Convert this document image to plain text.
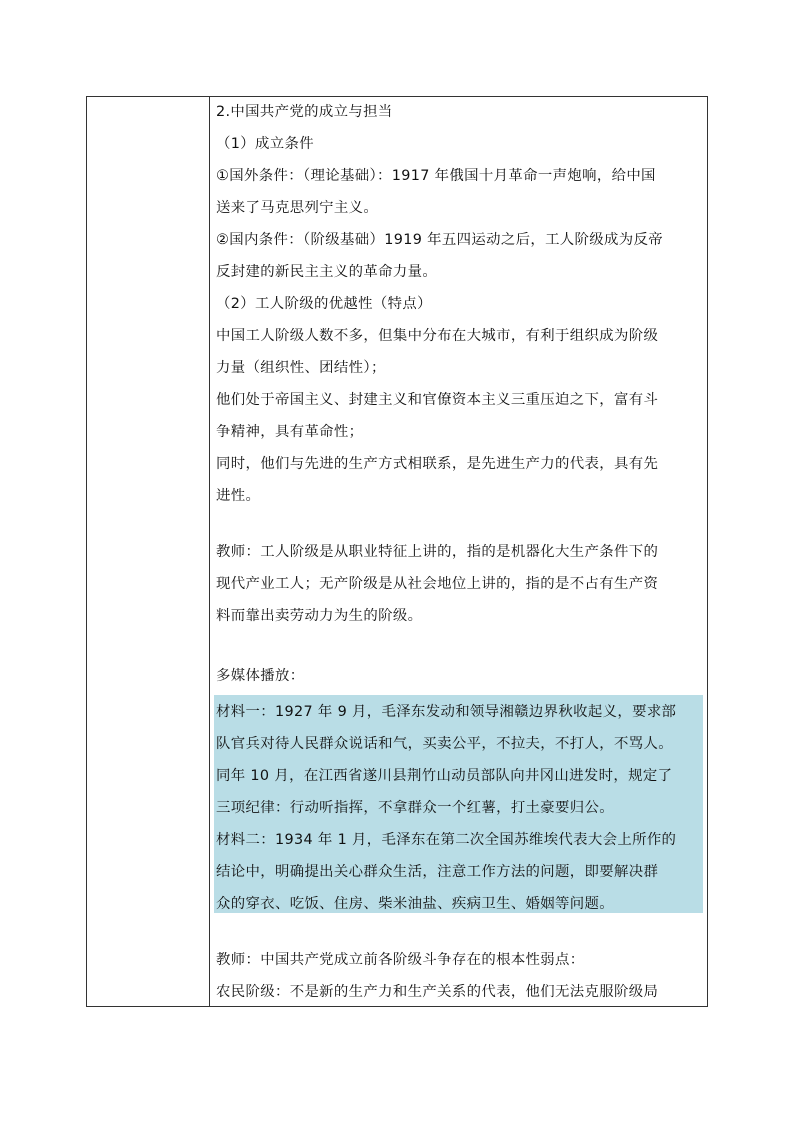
2.中国共产党的成立与担当
（1）成立条件
①国外条件：（理论基础）：1917 年俄国十月革命一声炮响，给中国
送来了马克思列宁主义。
②国内条件：（阶级基础）1919 年五四运动之后，工人阶级成为反帝
反封建的新民主主义的革命力量。
（2）工人阶级的优越性（特点）
中国工人阶级人数不多，但集中分布在大城市，有利于组织成为阶级
力量（组织性、团结性）；
他们处于帝国主义、封建主义和官僚资本主义三重压迫之下，富有斗
争精神，具有革命性；
同时，他们与先进的生产方式相联系，是先进生产力的代表，具有先
进性。
教师：工人阶级是从职业特征上讲的，指的是机器化大生产条件下的
现代产业工人；无产阶级是从社会地位上讲的，指的是不占有生产资
料而靠出卖劳动力为生的阶级。
多媒体播放：
材料一：1927 年 9 月，毛泽东发动和领导湘赣边界秋收起义，要求部
队官兵对待人民群众说话和气，买卖公平，不拉夫，不打人，不骂人。
同年 10 月，在江西省遂川县荆竹山动员部队向井冈山进发时，规定了
三项纪律：行动听指挥，不拿群众一个红薯，打土豪要归公。
材料二：1934 年 1 月，毛泽东在第二次全国苏维埃代表大会上所作的
结论中，明确提出关心群众生活，注意工作方法的问题，即要解决群
众的穿衣、吃饭、住房、柴米油盐、疾病卫生、婚姻等问题。
教师：中国共产党成立前各阶级斗争存在的根本性弱点：
农民阶级：不是新的生产力和生产关系的代表，他们无法克服阶级局
